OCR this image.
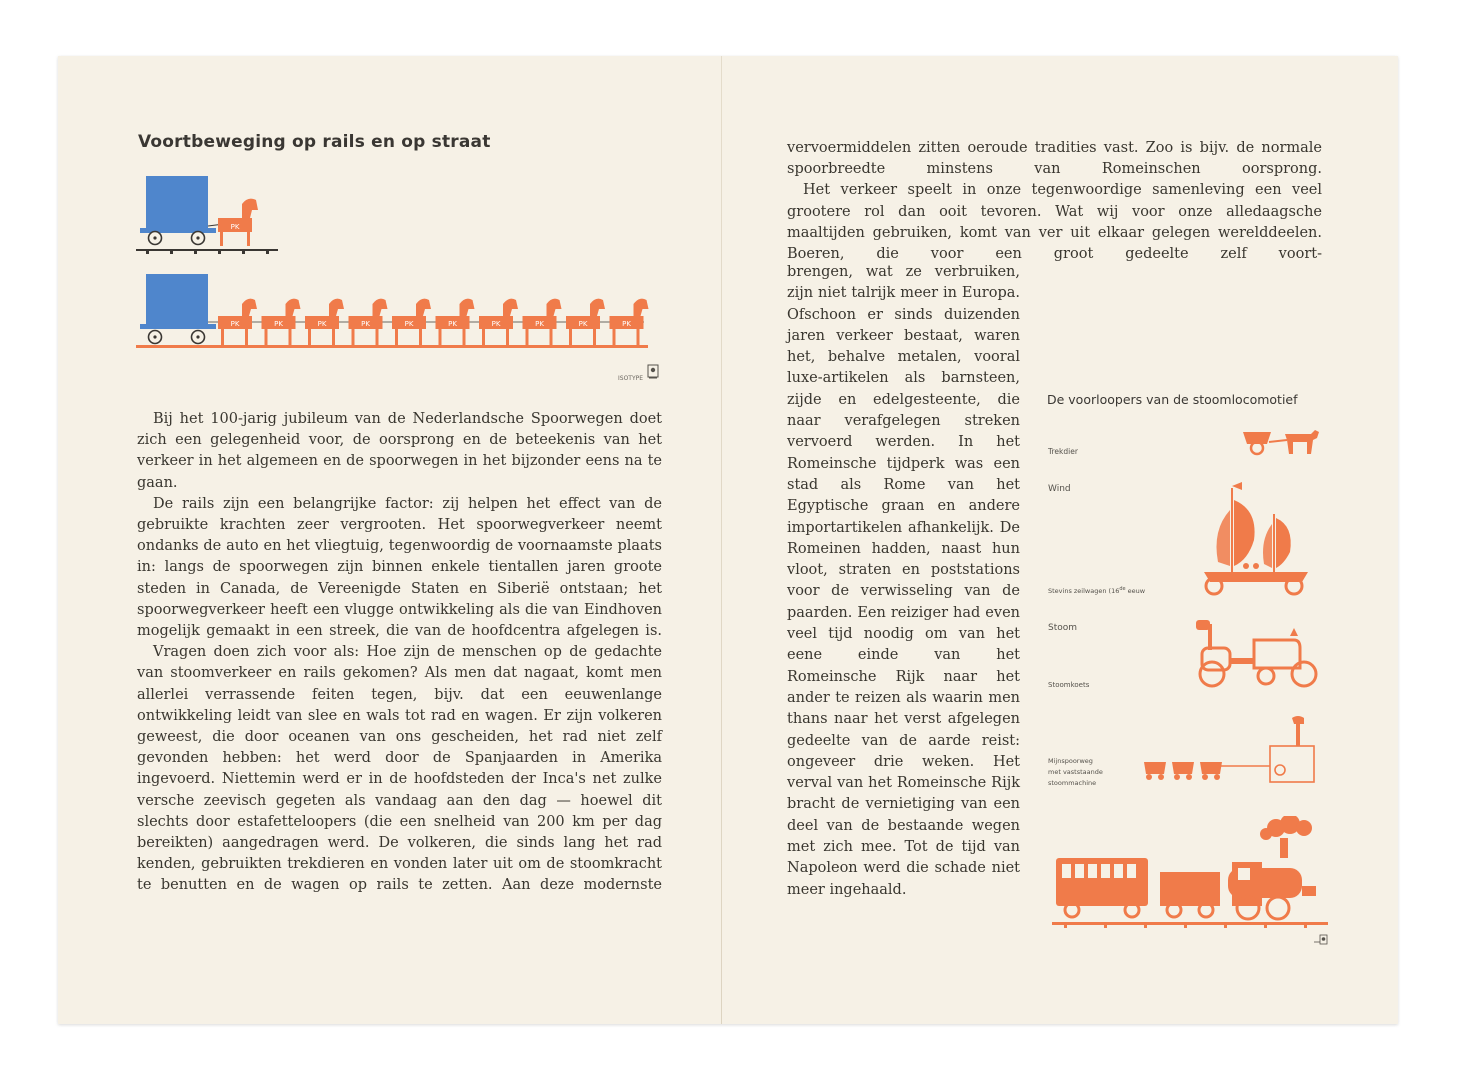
Voortbeweging op rails en op straat
PK
PK	PK	PK	PK	PK	PK	PK	PK	PK	PK
ISOTYPE

Bij het 100-jarig jubileum van de Nederlandsche Spoorwegen doet zich een gelegenheid voor, de oorsprong en de beteekenis van het verkeer in het algemeen en de spoorwegen in het bijzonder eens na te gaan.

De rails zijn een belangrijke factor: zij helpen het effect van de gebruikte krachten zeer vergrooten. Het spoorwegverkeer neemt ondanks de auto en het vliegtuig, tegenwoordig de voornaamste plaats in: langs de spoorwegen zijn binnen enkele tientallen jaren groote steden in Canada, de Vereenigde Staten en Siberië ontstaan; het spoorwegverkeer heeft een vlugge ontwikkeling als die van Eindhoven mogelijk gemaakt in een streek, die van de hoofdcentra afgelegen is.

Vragen doen zich voor als: Hoe zijn de menschen op de gedachte van stoomverkeer en rails gekomen? Als men dat nagaat, komt men allerlei verrassende feiten tegen, bijv. dat een eeuwenlange ontwikkeling leidt van slee en wals tot rad en wagen. Er zijn volkeren geweest, die door oceanen van ons gescheiden, het rad niet zelf gevonden hebben: het werd door de Spanjaarden in Amerika ingevoerd. Niettemin werd er in de hoofdsteden der Inca's net zulke versche zeevisch gegeten als vandaag aan den dag — hoewel dit slechts door estafetteloopers (die een snelheid van 200 km per dag bereikten) aangedragen werd. De volkeren, die sinds lang het rad kenden, gebruikten trekdieren en vonden later uit om de stoomkracht te benutten en de wagen op rails te zetten. Aan deze modernste

vervoermiddelen zitten oeroude tradities vast. Zoo is bijv. de normale spoorbreedte minstens van Romeinschen oorsprong.

Het verkeer speelt in onze tegenwoordige samenleving een veel grootere rol dan ooit tevoren. Wat wij voor onze alledaagsche maaltijden gebruiken, komt van ver uit elkaar gelegen werelddeelen. Boeren, die voor een groot gedeelte zelf voort-

brengen, wat ze verbruiken, zijn niet talrijk meer in Europa. Ofschoon er sinds duizenden jaren verkeer bestaat, waren het, behalve metalen, vooral luxe-artikelen als barnsteen, zijde en edelgesteente, die naar verafgelegen streken vervoerd werden. In het Romeinsche tijdperk was een stad als Rome van het Egyptische graan en andere importartikelen afhankelijk. De Romeinen hadden, naast hun vloot, straten en poststations voor de verwisseling van de paarden. Een reiziger had even veel tijd noodig om van het eene einde van het Romeinsche Rijk naar het ander te reizen als waarin men thans naar het verst afgelegen gedeelte van de aarde reist: ongeveer drie weken. Het verval van het Romeinsche Rijk bracht de vernietiging van een deel van de bestaande wegen met zich mee. Tot de tijd van Napoleon werd die schade niet meer ingehaald.

De voorloopers van de stoomlocomotief
Trekdier
Wind
Stevins zeilwagen (16de eeuw
Stoom
Stoomkoets
Mijnspoorweg
met vaststaande
stoommachine
